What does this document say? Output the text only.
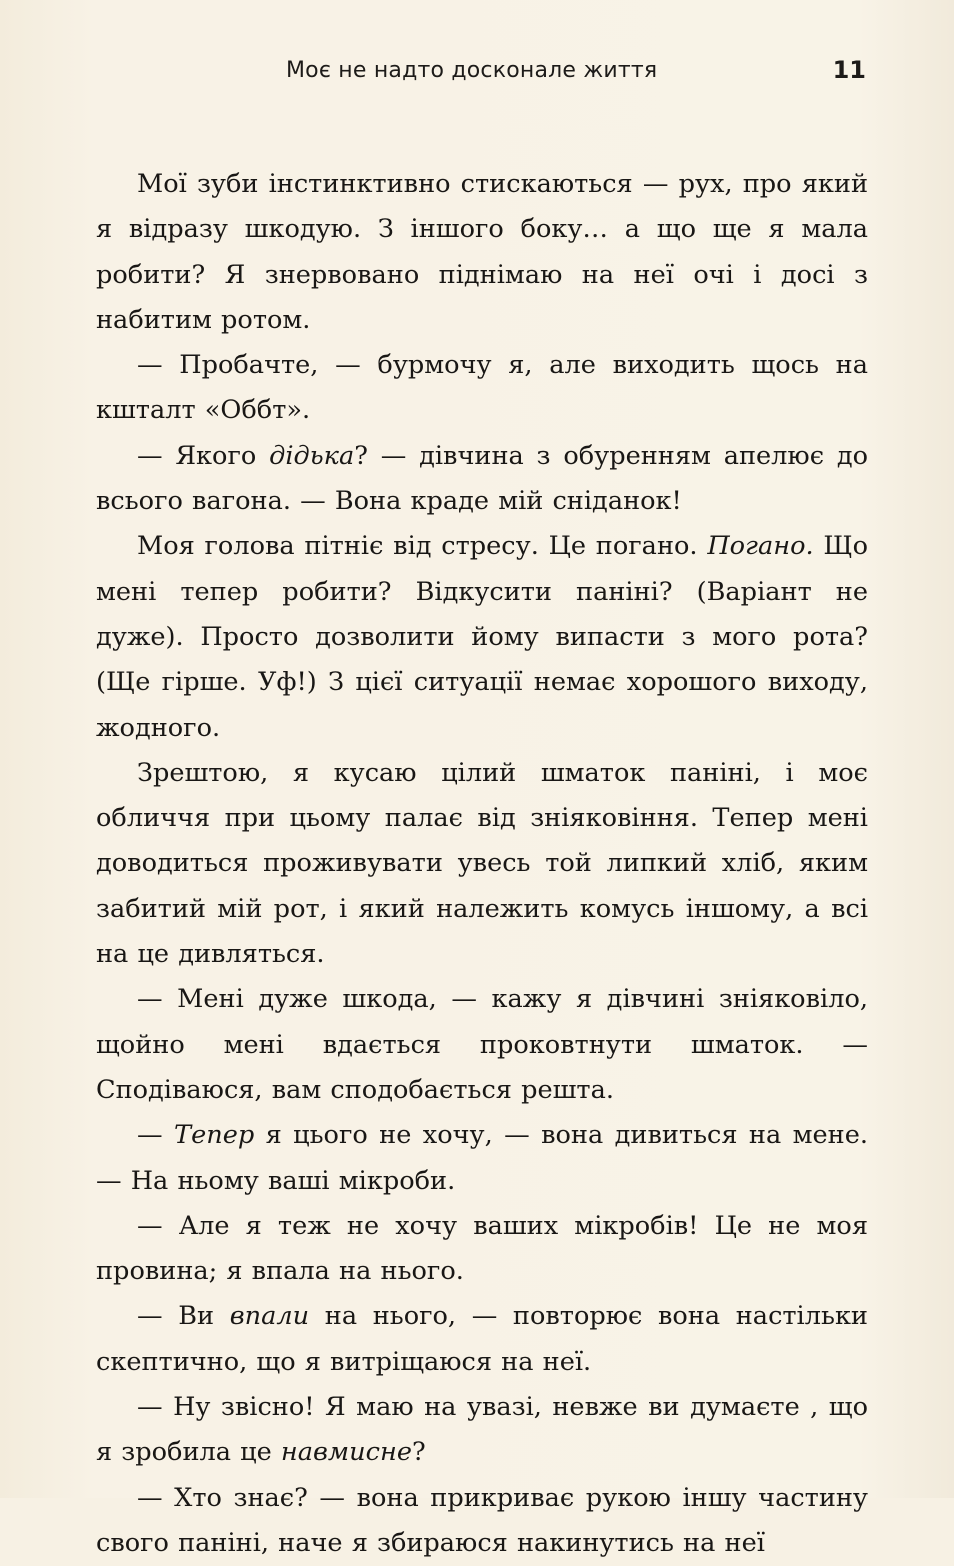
Моє не надто досконале життя	11

Мої зуби інстинктивно стискаються — рух, про який я відразу шкодую. З іншого боку… а що ще я мала робити? Я знервовано піднімаю на неї очі і досі з набитим ротом.

— Пробачте, — бурмочу я, але виходить щось на кшталт «Оббт».

— Якого дідька? — дівчина з обуренням апелює до всього вагона. — Вона краде мій сніданок!

Моя голова пітніє від стресу. Це погано. Погано. Що мені тепер робити? Відкусити паніні? (Варіант не дуже). Просто дозволити йому випасти з мого рота? (Ще гірше. Уф!) З цієї ситуації немає хорошого виходу, жодного.

Зрештою, я кусаю цілий шматок паніні, і моє обличчя при цьому палає від зніяковіння. Тепер мені доводиться проживувати увесь той липкий хліб, яким забитий мій рот, і який належить комусь іншому, а всі на це дивляться.

— Мені дуже шкода, — кажу я дівчині зніяковіло, щойно мені вдається проковтнути шматок. — Сподіваюся, вам сподобається решта.

— Тепер я цього не хочу, — вона дивиться на мене. — На ньому ваші мікроби.

— Але я теж не хочу ваших мікробів! Це не моя провина; я впала на нього.

— Ви впали на нього, — повторює вона настільки скептично, що я витріщаюся на неї.

— Ну звісно! Я маю на увазі, невже ви думаєте , що я зробила це навмисне?

— Хто знає? — вона прикриває рукою іншу частину свого паніні, наче я збираюся накинутись на неї
